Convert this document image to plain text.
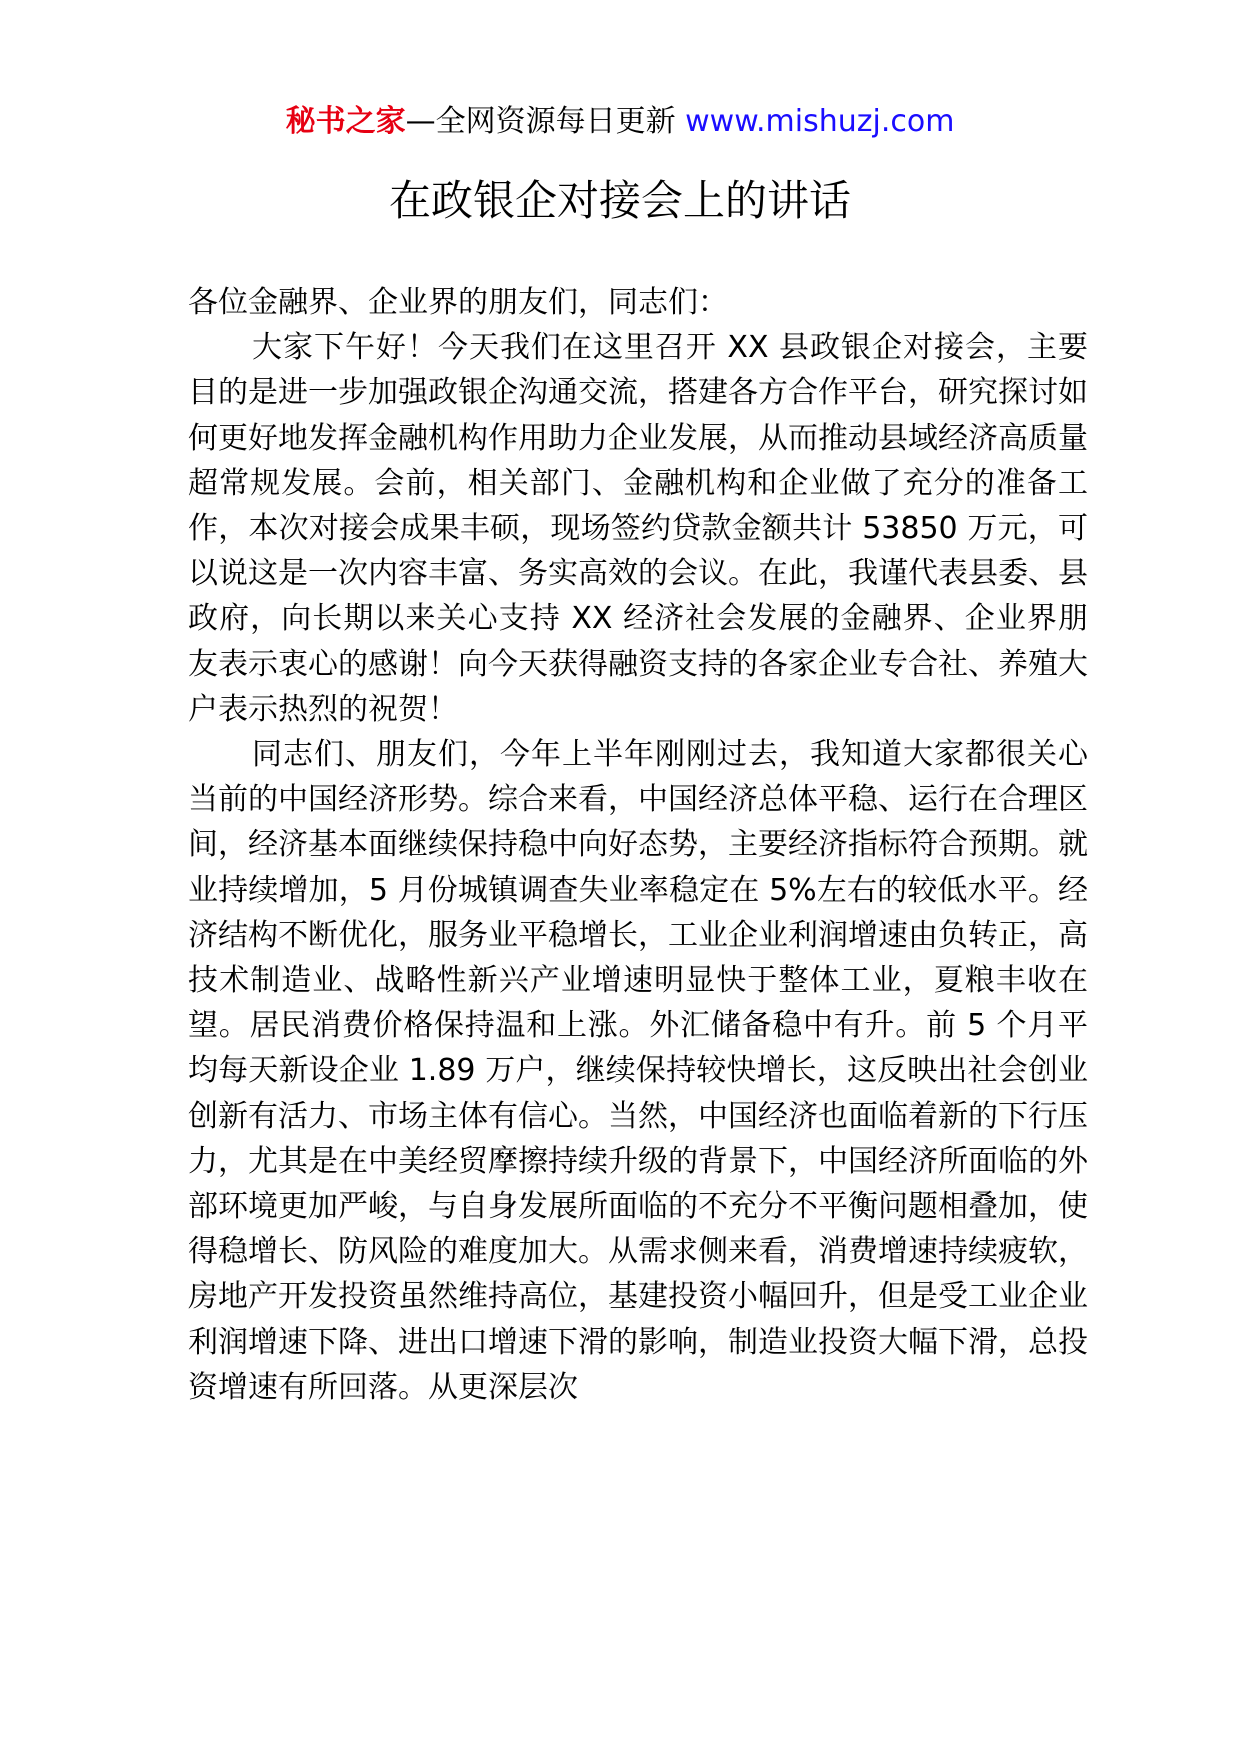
秘书之家—全网资源每日更新 www.mishuzj.com
在政银企对接会上的讲话

各位金融界、企业界的朋友们，同志们：

大家下午好！今天我们在这里召开 XX 县政银企对接会，主要目的是进一步加强政银企沟通交流，搭建各方合作平台，研究探讨如何更好地发挥金融机构作用助力企业发展，从而推动县域经济高质量超常规发展。会前，相关部门、金融机构和企业做了充分的准备工作，本次对接会成果丰硕，现场签约贷款金额共计 53850 万元，可以说这是一次内容丰富、务实高效的会议。在此，我谨代表县委、县政府，向长期以来关心支持 XX 经济社会发展的金融界、企业界朋友表示衷心的感谢！向今天获得融资支持的各家企业专合社、养殖大户表示热烈的祝贺！

同志们、朋友们，今年上半年刚刚过去，我知道大家都很关心当前的中国经济形势。综合来看，中国经济总体平稳、运行在合理区间，经济基本面继续保持稳中向好态势，主要经济指标符合预期。就业持续增加，5 月份城镇调查失业率稳定在 5%左右的较低水平。经济结构不断优化，服务业平稳增长，工业企业利润增速由负转正，高技术制造业、战略性新兴产业增速明显快于整体工业，夏粮丰收在望。居民消费价格保持温和上涨。外汇储备稳中有升。前 5 个月平均每天新设企业 1.89 万户，继续保持较快增长，这反映出社会创业创新有活力、市场主体有信心。当然，中国经济也面临着新的下行压力，尤其是在中美经贸摩擦持续升级的背景下，中国经济所面临的外部环境更加严峻，与自身发展所面临的不充分不平衡问题相叠加，使得稳增长、防风险的难度加大。从需求侧来看，消费增速持续疲软，房地产开发投资虽然维持高位，基建投资小幅回升，但是受工业企业利润增速下降、进出口增速下滑的影响，制造业投资大幅下滑，总投资增速有所回落。从更深层次
